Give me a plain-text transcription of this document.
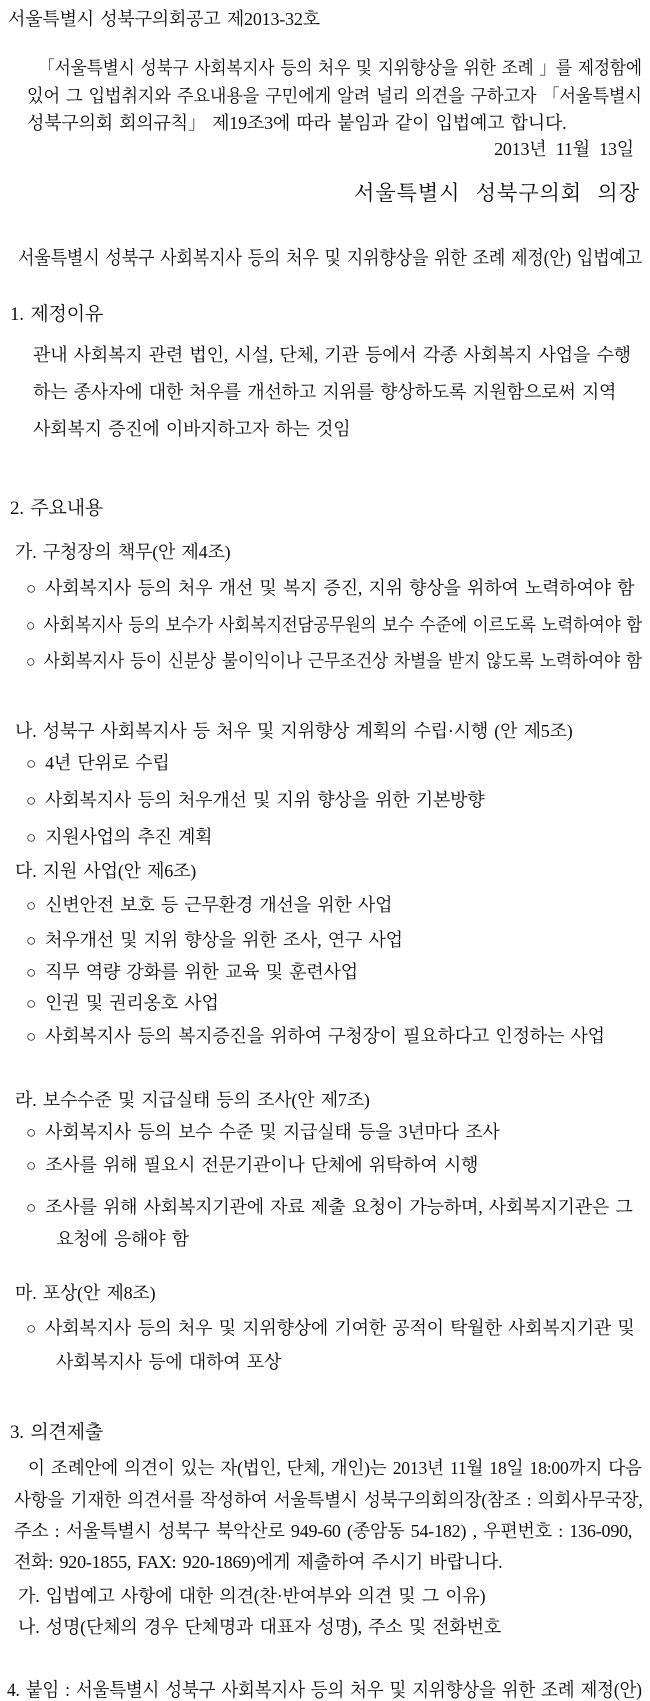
서울특별시 성북구의회공고 제2013-32호
「서울특별시 성북구 사회복지사 등의 처우 및 지위향상을 위한 조례 」를 제정함에
있어 그 입법취지와 주요내용을 구민에게 알려 널리 의견을 구하고자 「서울특별시
성북구의회 회의규칙」 제19조3에 따라 붙임과 같이 입법예고 합니다.
2013년 11월 13일
서울특별시 성북구의회 의장
서울특별시 성북구 사회복지사 등의 처우 및 지위향상을 위한 조례 제정(안) 입법예고
1. 제정이유
관내 사회복지 관련 법인, 시설, 단체, 기관 등에서 각종 사회복지 사업을 수행
하는 종사자에 대한 처우를 개선하고 지위를 향상하도록 지원함으로써 지역
사회복지 증진에 이바지하고자 하는 것임
2. 주요내용
가. 구청장의 책무(안 제4조)
○ 사회복지사 등의 처우 개선 및 복지 증진, 지위 향상을 위하여 노력하여야 함
○ 사회복지사 등의 보수가 사회복지전담공무원의 보수 수준에 이르도록 노력하여야 함
○ 사회복지사 등이 신분상 불이익이나 근무조건상 차별을 받지 않도록 노력하여야 함
나. 성북구 사회복지사 등 처우 및 지위향상 계획의 수립·시행 (안 제5조)
○ 4년 단위로 수립
○ 사회복지사 등의 처우개선 및 지위 향상을 위한 기본방향
○ 지원사업의 추진 계획
다. 지원 사업(안 제6조)
○ 신변안전 보호 등 근무환경 개선을 위한 사업
○ 처우개선 및 지위 향상을 위한 조사, 연구 사업
○ 직무 역량 강화를 위한 교육 및 훈련사업
○ 인권 및 권리옹호 사업
○ 사회복지사 등의 복지증진을 위하여 구청장이 필요하다고 인정하는 사업
라. 보수수준 및 지급실태 등의 조사(안 제7조)
○ 사회복지사 등의 보수 수준 및 지급실태 등을 3년마다 조사
○ 조사를 위해 필요시 전문기관이나 단체에 위탁하여 시행
○ 조사를 위해 사회복지기관에 자료 제출 요청이 가능하며, 사회복지기관은 그
요청에 응해야 함
마. 포상(안 제8조)
○ 사회복지사 등의 처우 및 지위향상에 기여한 공적이 탁월한 사회복지기관 및
사회복지사 등에 대하여 포상
3. 의견제출
이 조례안에 의견이 있는 자(법인, 단체, 개인)는 2013년 11월 18일 18:00까지 다음
사항을 기재한 의견서를 작성하여 서울특별시 성북구의회의장(참조 : 의회사무국장,
주소 : 서울특별시 성북구 북악산로 949-60 (종암동 54-182) , 우편번호 : 136-090,
전화: 920-1855, FAX: 920-1869)에게 제출하여 주시기 바랍니다.
가. 입법예고 사항에 대한 의견(찬·반여부와 의견 및 그 이유)
나. 성명(단체의 경우 단체명과 대표자 성명), 주소 및 전화번호
4. 붙임 : 서울특별시 성북구 사회복지사 등의 처우 및 지위향상을 위한 조례 제정(안)
